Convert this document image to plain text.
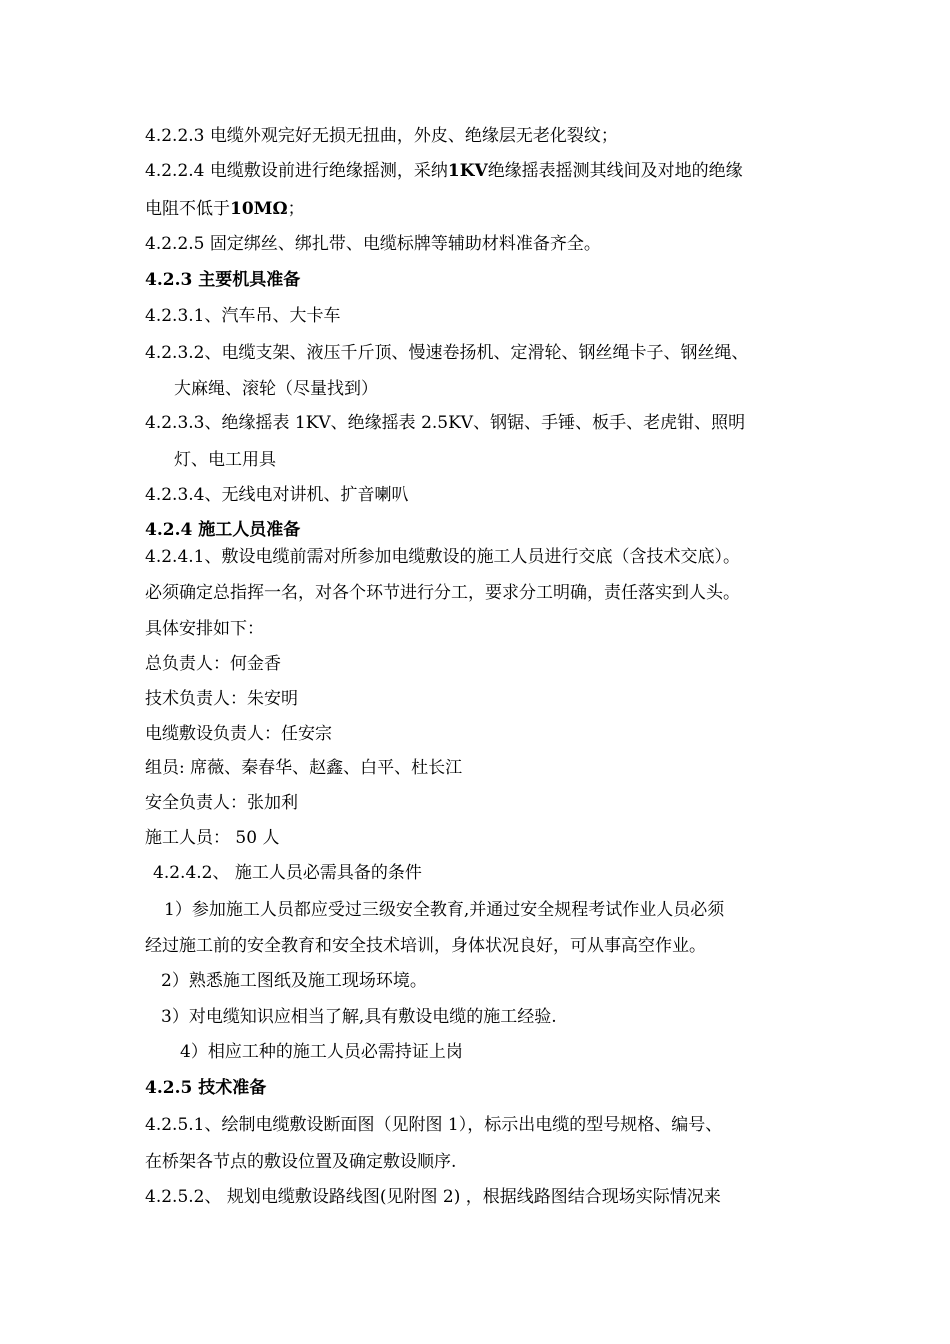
4.2.2.3 电缆外观完好无损无扭曲，外皮、绝缘层无老化裂纹；
4.2.2.4 电缆敷设前进行绝缘摇测，采纳1KV绝缘摇表摇测其线间及对地的绝缘
电阻不低于10MΩ；
4.2.2.5 固定绑丝、绑扎带、电缆标牌等辅助材料准备齐全。
4.2.3 主要机具准备
4.2.3.1、汽车吊、大卡车
4.2.3.2、电缆支架、液压千斤顶、慢速卷扬机、定滑轮、钢丝绳卡子、钢丝绳、
大麻绳、滚轮（尽量找到）
4.2.3.3、绝缘摇表 1KV、绝缘摇表 2.5KV、钢锯、手锤、板手、老虎钳、照明
灯、电工用具
4.2.3.4、无线电对讲机、扩音喇叭
4.2.4 施工人员准备
4.2.4.1、敷设电缆前需对所参加电缆敷设的施工人员进行交底（含技术交底）。
必须确定总指挥一名，对各个环节进行分工，要求分工明确，责任落实到人头。
具体安排如下：
总负责人：何金香
技术负责人：朱安明
电缆敷设负责人：任安宗
组员: 席薇、秦春华、赵鑫、白平、杜长江
安全负责人：张加利
施工人员： 50 人
4.2.4.2、 施工人员必需具备的条件
1）参加施工人员都应受过三级安全教育,并通过安全规程考试作业人员必须
经过施工前的安全教育和安全技术培训，身体状况良好，可从事高空作业。
2）熟悉施工图纸及施工现场环境。
3）对电缆知识应相当了解,具有敷设电缆的施工经验.
4）相应工种的施工人员必需持证上岗
4.2.5 技术准备
4.2.5.1、绘制电缆敷设断面图（见附图 1），标示出电缆的型号规格、编号、
在桥架各节点的敷设位置及确定敷设顺序.
4.2.5.2、 规划电缆敷设路线图(见附图 2) ，根据线路图结合现场实际情况来
